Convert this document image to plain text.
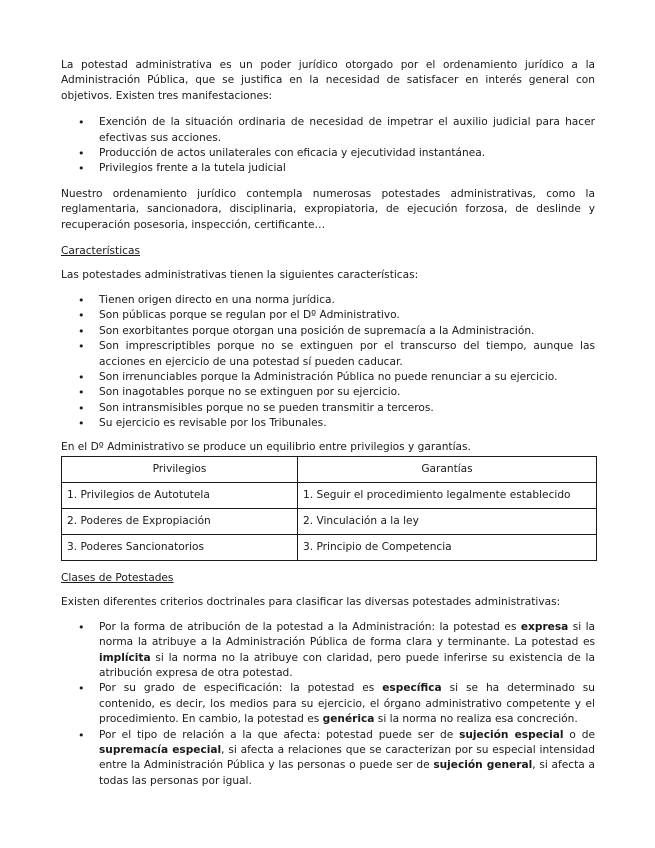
La potestad administrativa es un poder jurídico otorgado por el ordenamiento jurídico a la Administración Pública, que se justifica en la necesidad de satisfacer en interés general con objetivos. Existen tres manifestaciones:

• Exención de la situación ordinaria de necesidad de impetrar el auxilio judicial para hacer efectivas sus acciones.
• Producción de actos unilaterales con eficacia y ejecutividad instantánea.
• Privilegios frente a la tutela judicial

Nuestro ordenamiento jurídico contempla numerosas potestades administrativas, como la reglamentaria, sancionadora, disciplinaria, expropiatoria, de ejecución forzosa, de deslinde y recuperación posesoria, inspección, certificante…

Características

Las potestades administrativas tienen la siguientes características:

• Tienen origen directo en una norma jurídica.
• Son públicas porque se regulan por el Dº Administrativo.
• Son exorbitantes porque otorgan una posición de supremacía a la Administración.
• Son imprescriptibles porque no se extinguen por el transcurso del tiempo, aunque las acciones en ejercicio de una potestad sí pueden caducar.
• Son irrenunciables porque la Administración Pública no puede renunciar a su ejercicio.
• Son inagotables porque no se extinguen por su ejercicio.
• Son intransmisibles porque no se pueden transmitir a terceros.
• Su ejercicio es revisable por los Tribunales.

En el Dº Administrativo se produce un equilibrio entre privilegios y garantías.

Privilegios	Garantías
1. Privilegios de Autotutela	1. Seguir el procedimiento legalmente establecido
2. Poderes de Expropiación	2. Vinculación a la ley
3. Poderes Sancionatorios	3. Principio de Competencia

Clases de Potestades

Existen diferentes criterios doctrinales para clasificar las diversas potestades administrativas:

• Por la forma de atribución de la potestad a la Administración: la potestad es expresa si la norma la atribuye a la Administración Pública de forma clara y terminante. La potestad es implícita si la norma no la atribuye con claridad, pero puede inferirse su existencia de la atribución expresa de otra potestad.
• Por su grado de especificación: la potestad es específica si se ha determinado su contenido, es decir, los medios para su ejercicio, el órgano administrativo competente y el procedimiento. En cambio, la potestad es genérica si la norma no realiza esa concreción.
• Por el tipo de relación a la que afecta: potestad puede ser de sujeción especial o de supremacía especial, si afecta a relaciones que se caracterizan por su especial intensidad entre la Administración Pública y las personas o puede ser de sujeción general, si afecta a todas las personas por igual.
